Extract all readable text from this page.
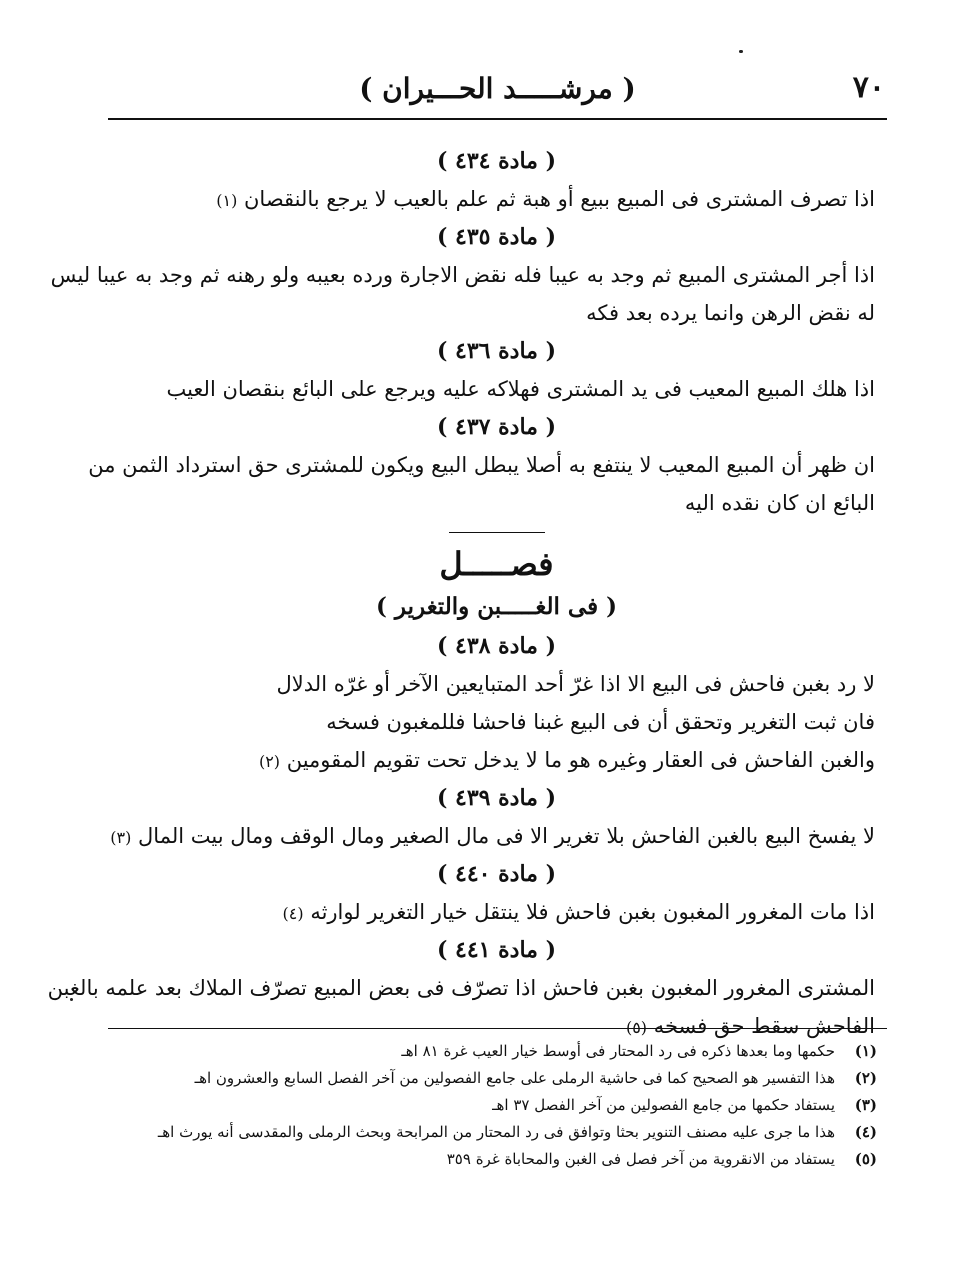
٧٠
( مرشـــــد الحـــيران )
( مادة ٤٣٤ )
اذا تصرف المشترى فى المبيع ببيع أو هبة ثم علم بالعيب لا يرجع بالنقصان (١)
( مادة ٤٣٥ )
اذا أجر المشترى المبيع ثم وجد به عيبا فله نقض الاجارة ورده بعيبه ولو رهنه ثم وجد به عيبا ليس
له نقض الرهن وانما يرده بعد فكه
( مادة ٤٣٦ )
اذا هلك المبيع المعيب فى يد المشترى فهلاكه عليه ويرجع على البائع بنقصان العيب
( مادة ٤٣٧ )
ان ظهر أن المبيع المعيب لا ينتفع به أصلا يبطل البيع ويكون للمشترى حق استرداد الثمن من
البائع ان كان نقده اليه
فصـــــل
( فى الغـــــبن والتغرير )
( مادة ٤٣٨ )
لا رد بغبن فاحش فى البيع الا اذا غرّ أحد المتبايعين الآخر أو غرّه الدلال
فان ثبت التغرير وتحقق أن فى البيع غبنا فاحشا فللمغبون فسخه
والغبن الفاحش فى العقار وغيره هو ما لا يدخل تحت تقويم المقومين (٢)
( مادة ٤٣٩ )
لا يفسخ البيع بالغبن الفاحش بلا تغرير الا فى مال الصغير ومال الوقف ومال بيت المال (٣)
( مادة ٤٤٠ )
اذا مات المغرور المغبون بغبن فاحش فلا ينتقل خيار التغرير لوارثه (٤)
( مادة ٤٤١ )
المشترى المغرور المغبون بغبن فاحش اذا تصرّف فى بعض المبيع تصرّف الملاك بعد علمه بالغبن
الفاحش سقط حق فسخه (٥)
(١)
حكمها وما بعدها ذكره فى رد المحتار فى أوسط خيار العيب غرة ٨١ اهـ
(٢)
هذا التفسير هو الصحيح كما فى حاشية الرملى على جامع الفصولين من آخر الفصل السابع والعشرون اهـ
(٣)
يستفاد حكمها من جامع الفصولين من آخر الفصل ٣٧ اهـ
(٤)
هذا ما جرى عليه مصنف التنوير بحثا وتوافق فى رد المحتار من المرابحة وبحث الرملى والمقدسى أنه يورث اهـ
(٥)
يستفاد من الانقروية من آخر فصل فى الغبن والمحاباة غرة ٣٥٩
